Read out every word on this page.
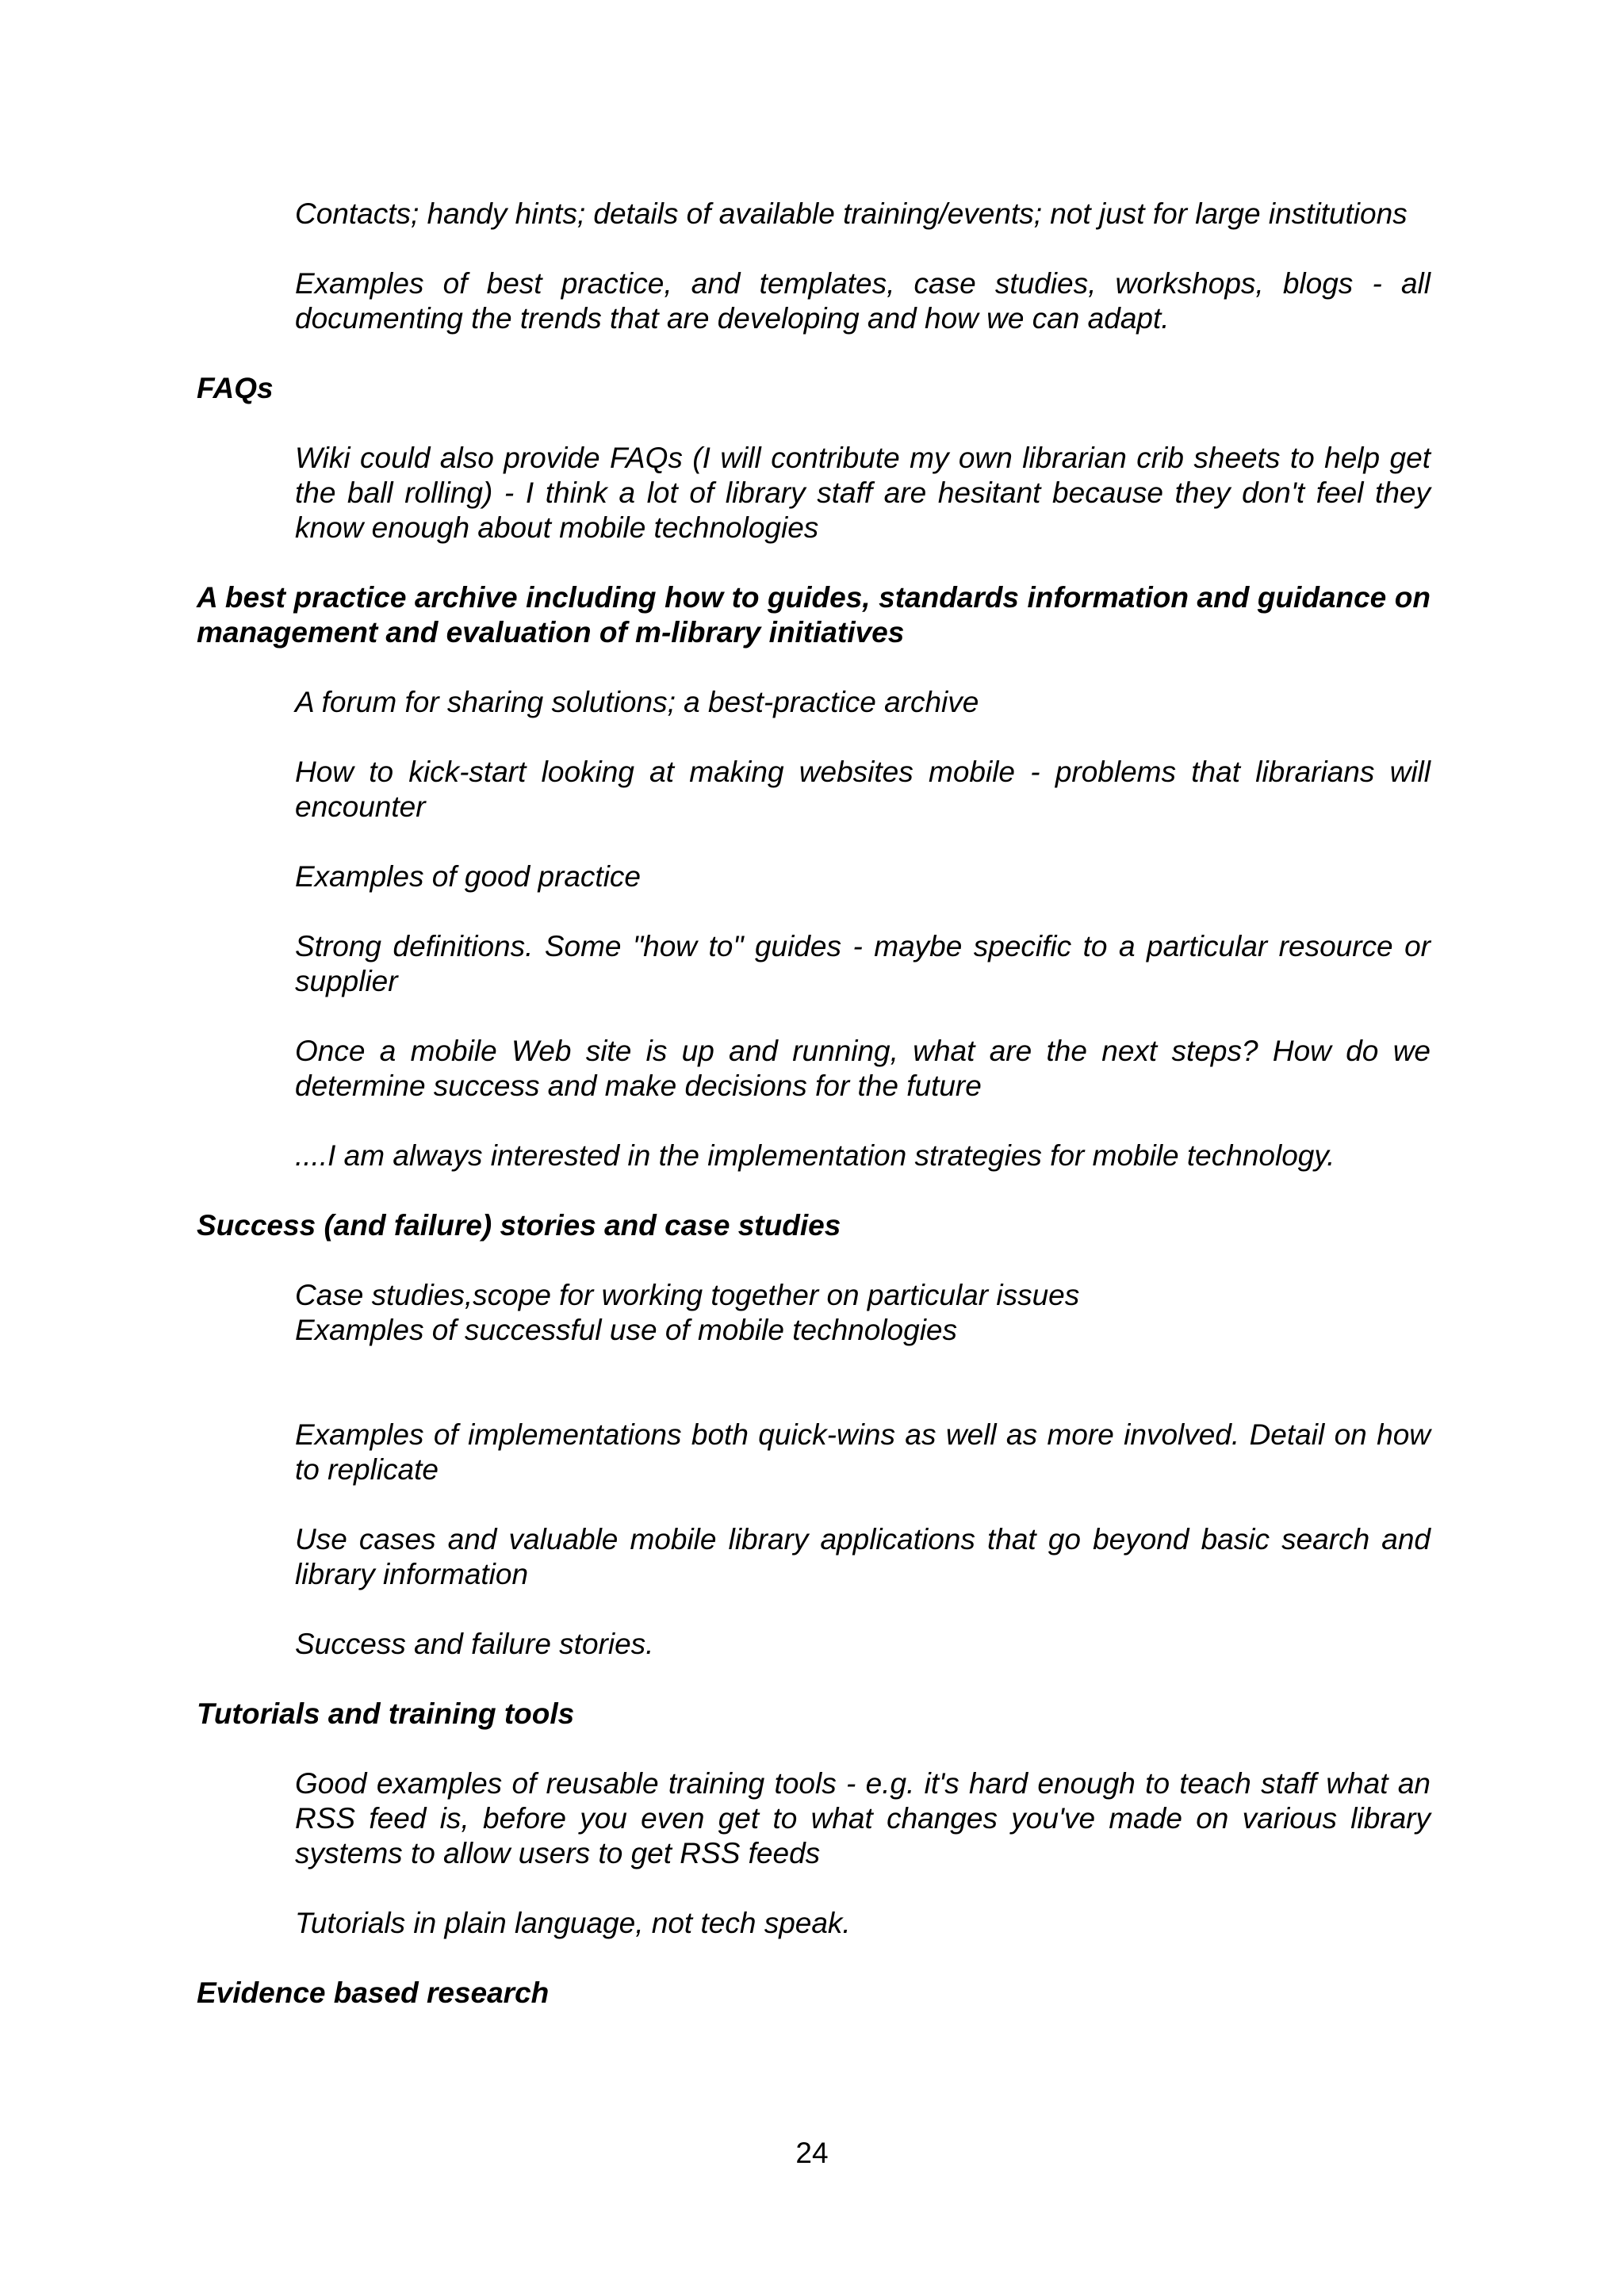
Contacts; handy hints; details of available training/events; not just for large institutions

Examples of best practice, and templates, case studies, workshops, blogs - all documenting the trends that are developing and how we can adapt.

FAQs

Wiki could also provide FAQs (I will contribute my own librarian crib sheets to help get the ball rolling) - I think a lot of library staff are hesitant because they don't feel they know enough about mobile technologies

A best practice archive including how to guides, standards information and guidance on management and evaluation of m-library initiatives

A forum for sharing solutions; a best-practice archive

How to kick-start looking at making websites mobile - problems that librarians will encounter

Examples of good practice

Strong definitions. Some "how to" guides - maybe specific to a particular resource or supplier

Once a mobile Web site is up and running, what are the next steps? How do we determine success and make decisions for the future

....I am always interested in the implementation strategies for mobile technology.

Success (and failure) stories and case studies

Case studies,scope for working together on particular issues

Examples of successful use of mobile technologies

Examples of implementations both quick-wins as well as more involved. Detail on how to replicate

Use cases and valuable mobile library applications that go beyond basic search and library information

Success and failure stories.

Tutorials and training tools

Good examples of reusable training tools - e.g. it's hard enough to teach staff what an RSS feed is, before you even get to what changes you've made on various library systems to allow users to get RSS feeds

Tutorials in plain language, not tech speak.

Evidence based research

24
